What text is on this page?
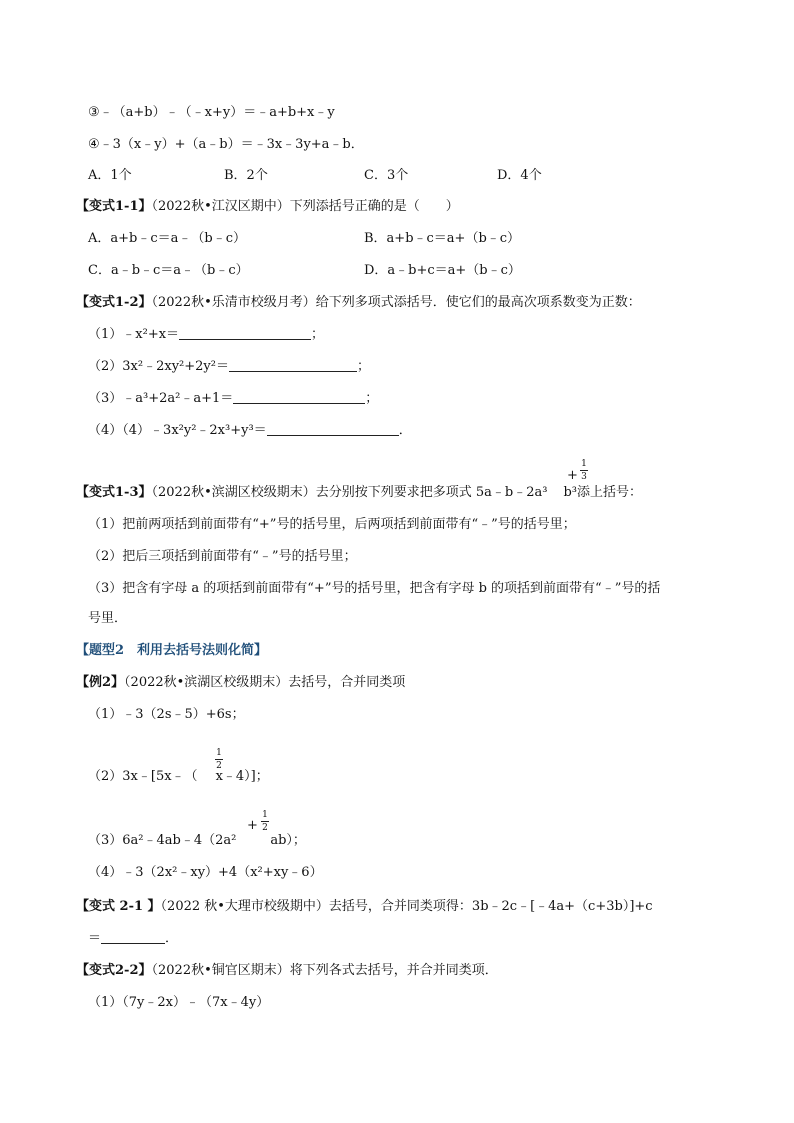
③﹣（a+b）﹣（﹣x+y）＝﹣a+b+x﹣y
④﹣3（x﹣y）+（a﹣b）＝﹣3x﹣3y+a﹣b．
A．1个	B．2个	C．3个	D．4个
【变式1-1】（2022秋•江汉区期中）下列添括号正确的是（　　）
A．a+b﹣c＝a﹣（b﹣c）	B．a+b﹣c＝a+（b﹣c）
C．a﹣b﹣c＝a﹣（b﹣c）	D．a﹣b+c＝a+（b﹣c）
【变式1-2】（2022秋•乐清市校级月考）给下列多项式添括号．使它们的最高次项系数变为正数：
（1）﹣x²+x＝	；
（2）3x²﹣2xy²+2y²＝	；
（3）﹣a³+2a²﹣a+1＝	；
（4）（4）﹣3x²y²﹣2x³+y³＝	．
+
1
3
【变式1-3】（2022秋•滨湖区校级期末）去分别按下列要求把多项式 5a﹣b﹣2a³ b³添上括号：
（1）把前两项括到前面带有“+”号的括号里，后两项括到前面带有“﹣”号的括号里；
（2）把后三项括到前面带有“﹣”号的括号里；
（3）把含有字母 a 的项括到前面带有“+”号的括号里，把含有字母 b 的项括到前面带有“﹣”号的括
号里．
【题型2　利用去括号法则化简】
【例2】（2022秋•滨湖区校级期末）去括号，合并同类项
（1）﹣3（2s﹣5）+6s；
1
2
（2）3x﹣[5x﹣（ x﹣4）]；
+
1
2
（3）6a²﹣4ab﹣4（2a²	ab）；
（4）﹣3（2x²﹣xy）+4（x²+xy﹣6）
【变式 2-1 】（2022 秋•大理市校级期中）去括号，合并同类项得：3b﹣2c﹣[﹣4a+（c+3b）]+c
＝	．
【变式2-2】（2022秋•铜官区期末）将下列各式去括号，并合并同类项．
（1）（7y﹣2x）﹣（7x﹣4y）
